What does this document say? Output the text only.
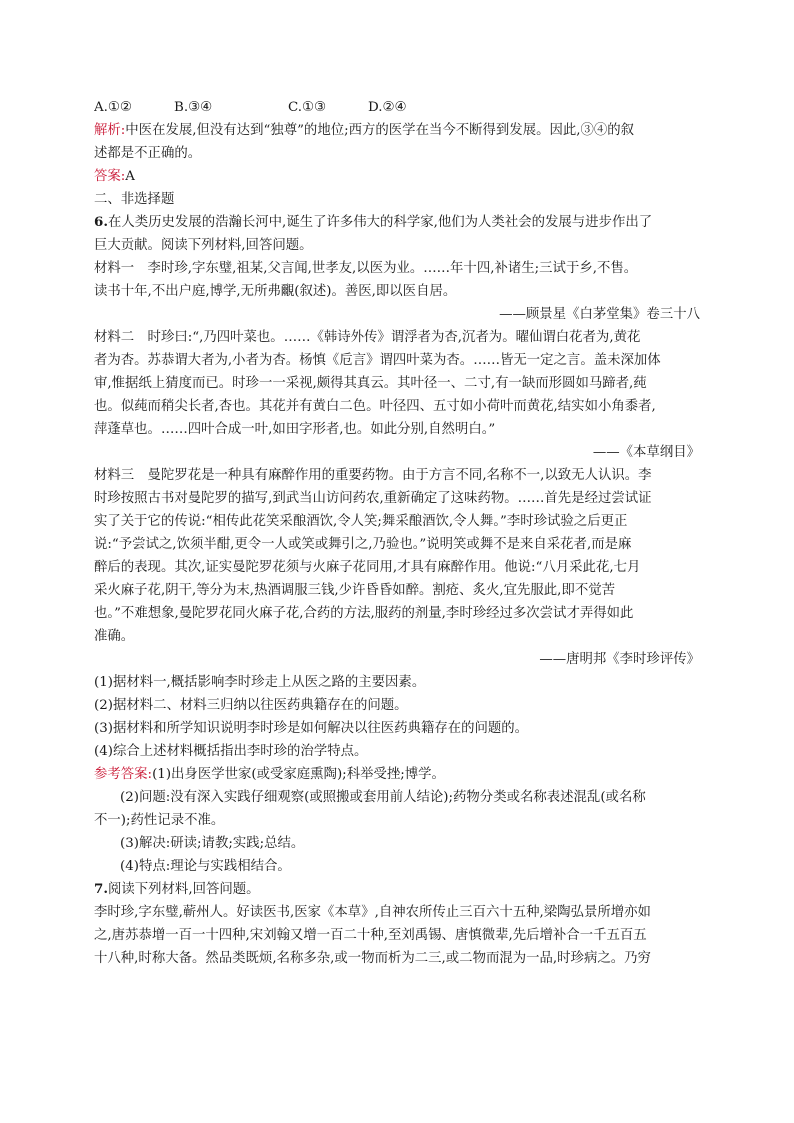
A.①②	B.③④	C.①③	D.②④
解析:中医在发展,但没有达到“独尊”的地位;西方的医学在当今不断得到发展。因此,③④的叙
述都是不正确的。
答案:A
二、非选择题
6.在人类历史发展的浩瀚长河中,诞生了许多伟大的科学家,他们为人类社会的发展与进步作出了
巨大贡献。阅读下列材料,回答问题。
材料一　李时珍,字东璧,祖某,父言闻,世孝友,以医为业。……年十四,补诸生;三试于乡,不售。
读书十年,不出户庭,博学,无所弗覼(叙述)。善医,即以医自居。
——顾景星《白茅堂集》卷三十八
材料二　时珍曰:“,乃四叶菜也。……《韩诗外传》谓浮者为杏,沉者为。曜仙谓白花者为,黄花
者为杏。苏恭谓大者为,小者为杏。杨慎《卮言》谓四叶菜为杏。……皆无一定之言。盖未深加体
审,惟据纸上猜度而已。时珍一一采视,颇得其真云。其叶径一、二寸,有一缺而形圆如马蹄者,莼
也。似莼而稍尖长者,杏也。其花并有黄白二色。叶径四、五寸如小荷叶而黄花,结实如小角黍者,
萍蓬草也。……四叶合成一叶,如田字形者,也。如此分别,自然明白。”
——《本草纲目》
材料三　曼陀罗花是一种具有麻醉作用的重要药物。由于方言不同,名称不一,以致无人认识。李
时珍按照古书对曼陀罗的描写,到武当山访问药农,重新确定了这味药物。……首先是经过尝试证
实了关于它的传说:“相传此花笑采酿酒饮,令人笑;舞采酿酒饮,令人舞。”李时珍试验之后更正
说:“予尝试之,饮须半酣,更令一人或笑或舞引之,乃验也。”说明笑或舞不是来自采花者,而是麻
醉后的表现。其次,证实曼陀罗花须与火麻子花同用,才具有麻醉作用。他说:“八月采此花,七月
采火麻子花,阴干,等分为末,热酒调服三钱,少许昏昏如醉。割疮、炙火,宜先服此,即不觉苦
也。”不难想象,曼陀罗花同火麻子花,合药的方法,服药的剂量,李时珍经过多次尝试才弄得如此
准确。
——唐明邦《李时珍评传》
(1)据材料一,概括影响李时珍走上从医之路的主要因素。
(2)据材料二、材料三归纳以往医药典籍存在的问题。
(3)据材料和所学知识说明李时珍是如何解决以往医药典籍存在的问题的。
(4)综合上述材料概括指出李时珍的治学特点。
参考答案:(1)出身医学世家(或受家庭熏陶);科举受挫;博学。
(2)问题:没有深入实践仔细观察(或照搬或套用前人结论);药物分类或名称表述混乱(或名称
不一);药性记录不准。
(3)解决:研读;请教;实践;总结。
(4)特点:理论与实践相结合。
7.阅读下列材料,回答问题。
李时珍,字东璧,蕲州人。好读医书,医家《本草》,自神农所传止三百六十五种,梁陶弘景所增亦如
之,唐苏恭增一百一十四种,宋刘翰又增一百二十种,至刘禹锡、唐慎微辈,先后增补合一千五百五
十八种,时称大备。然品类既烦,名称多杂,或一物而析为二三,或二物而混为一品,时珍病之。乃穷
